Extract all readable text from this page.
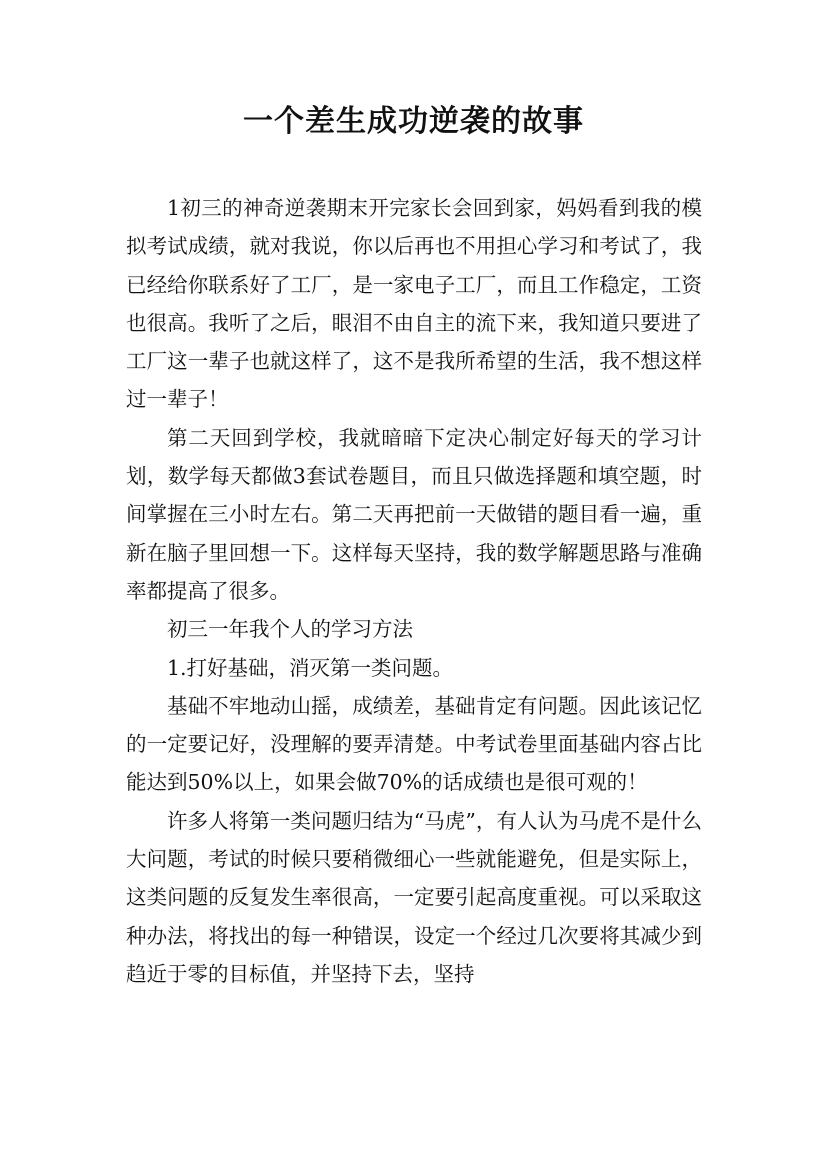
一个差生成功逆袭的故事

1初三的神奇逆袭期末开完家长会回到家，妈妈看到我的模拟考试成绩，就对我说，你以后再也不用担心学习和考试了，我已经给你联系好了工厂，是一家电子工厂，而且工作稳定，工资也很高。我听了之后，眼泪不由自主的流下来，我知道只要进了工厂这一辈子也就这样了，这不是我所希望的生活，我不想这样过一辈子！

第二天回到学校，我就暗暗下定决心制定好每天的学习计划，数学每天都做3套试卷题目，而且只做选择题和填空题，时间掌握在三小时左右。第二天再把前一天做错的题目看一遍，重新在脑子里回想一下。这样每天坚持，我的数学解题思路与准确率都提高了很多。

初三一年我个人的学习方法

1.打好基础，消灭第一类问题。

基础不牢地动山摇，成绩差，基础肯定有问题。因此该记忆的一定要记好，没理解的要弄清楚。中考试卷里面基础内容占比能达到50%以上，如果会做70%的话成绩也是很可观的！

许多人将第一类问题归结为“马虎”，有人认为马虎不是什么大问题，考试的时候只要稍微细心一些就能避免，但是实际上，这类问题的反复发生率很高，一定要引起高度重视。可以采取这种办法，将找出的每一种错误，设定一个经过几次要将其减少到趋近于零的目标值，并坚持下去，坚持
